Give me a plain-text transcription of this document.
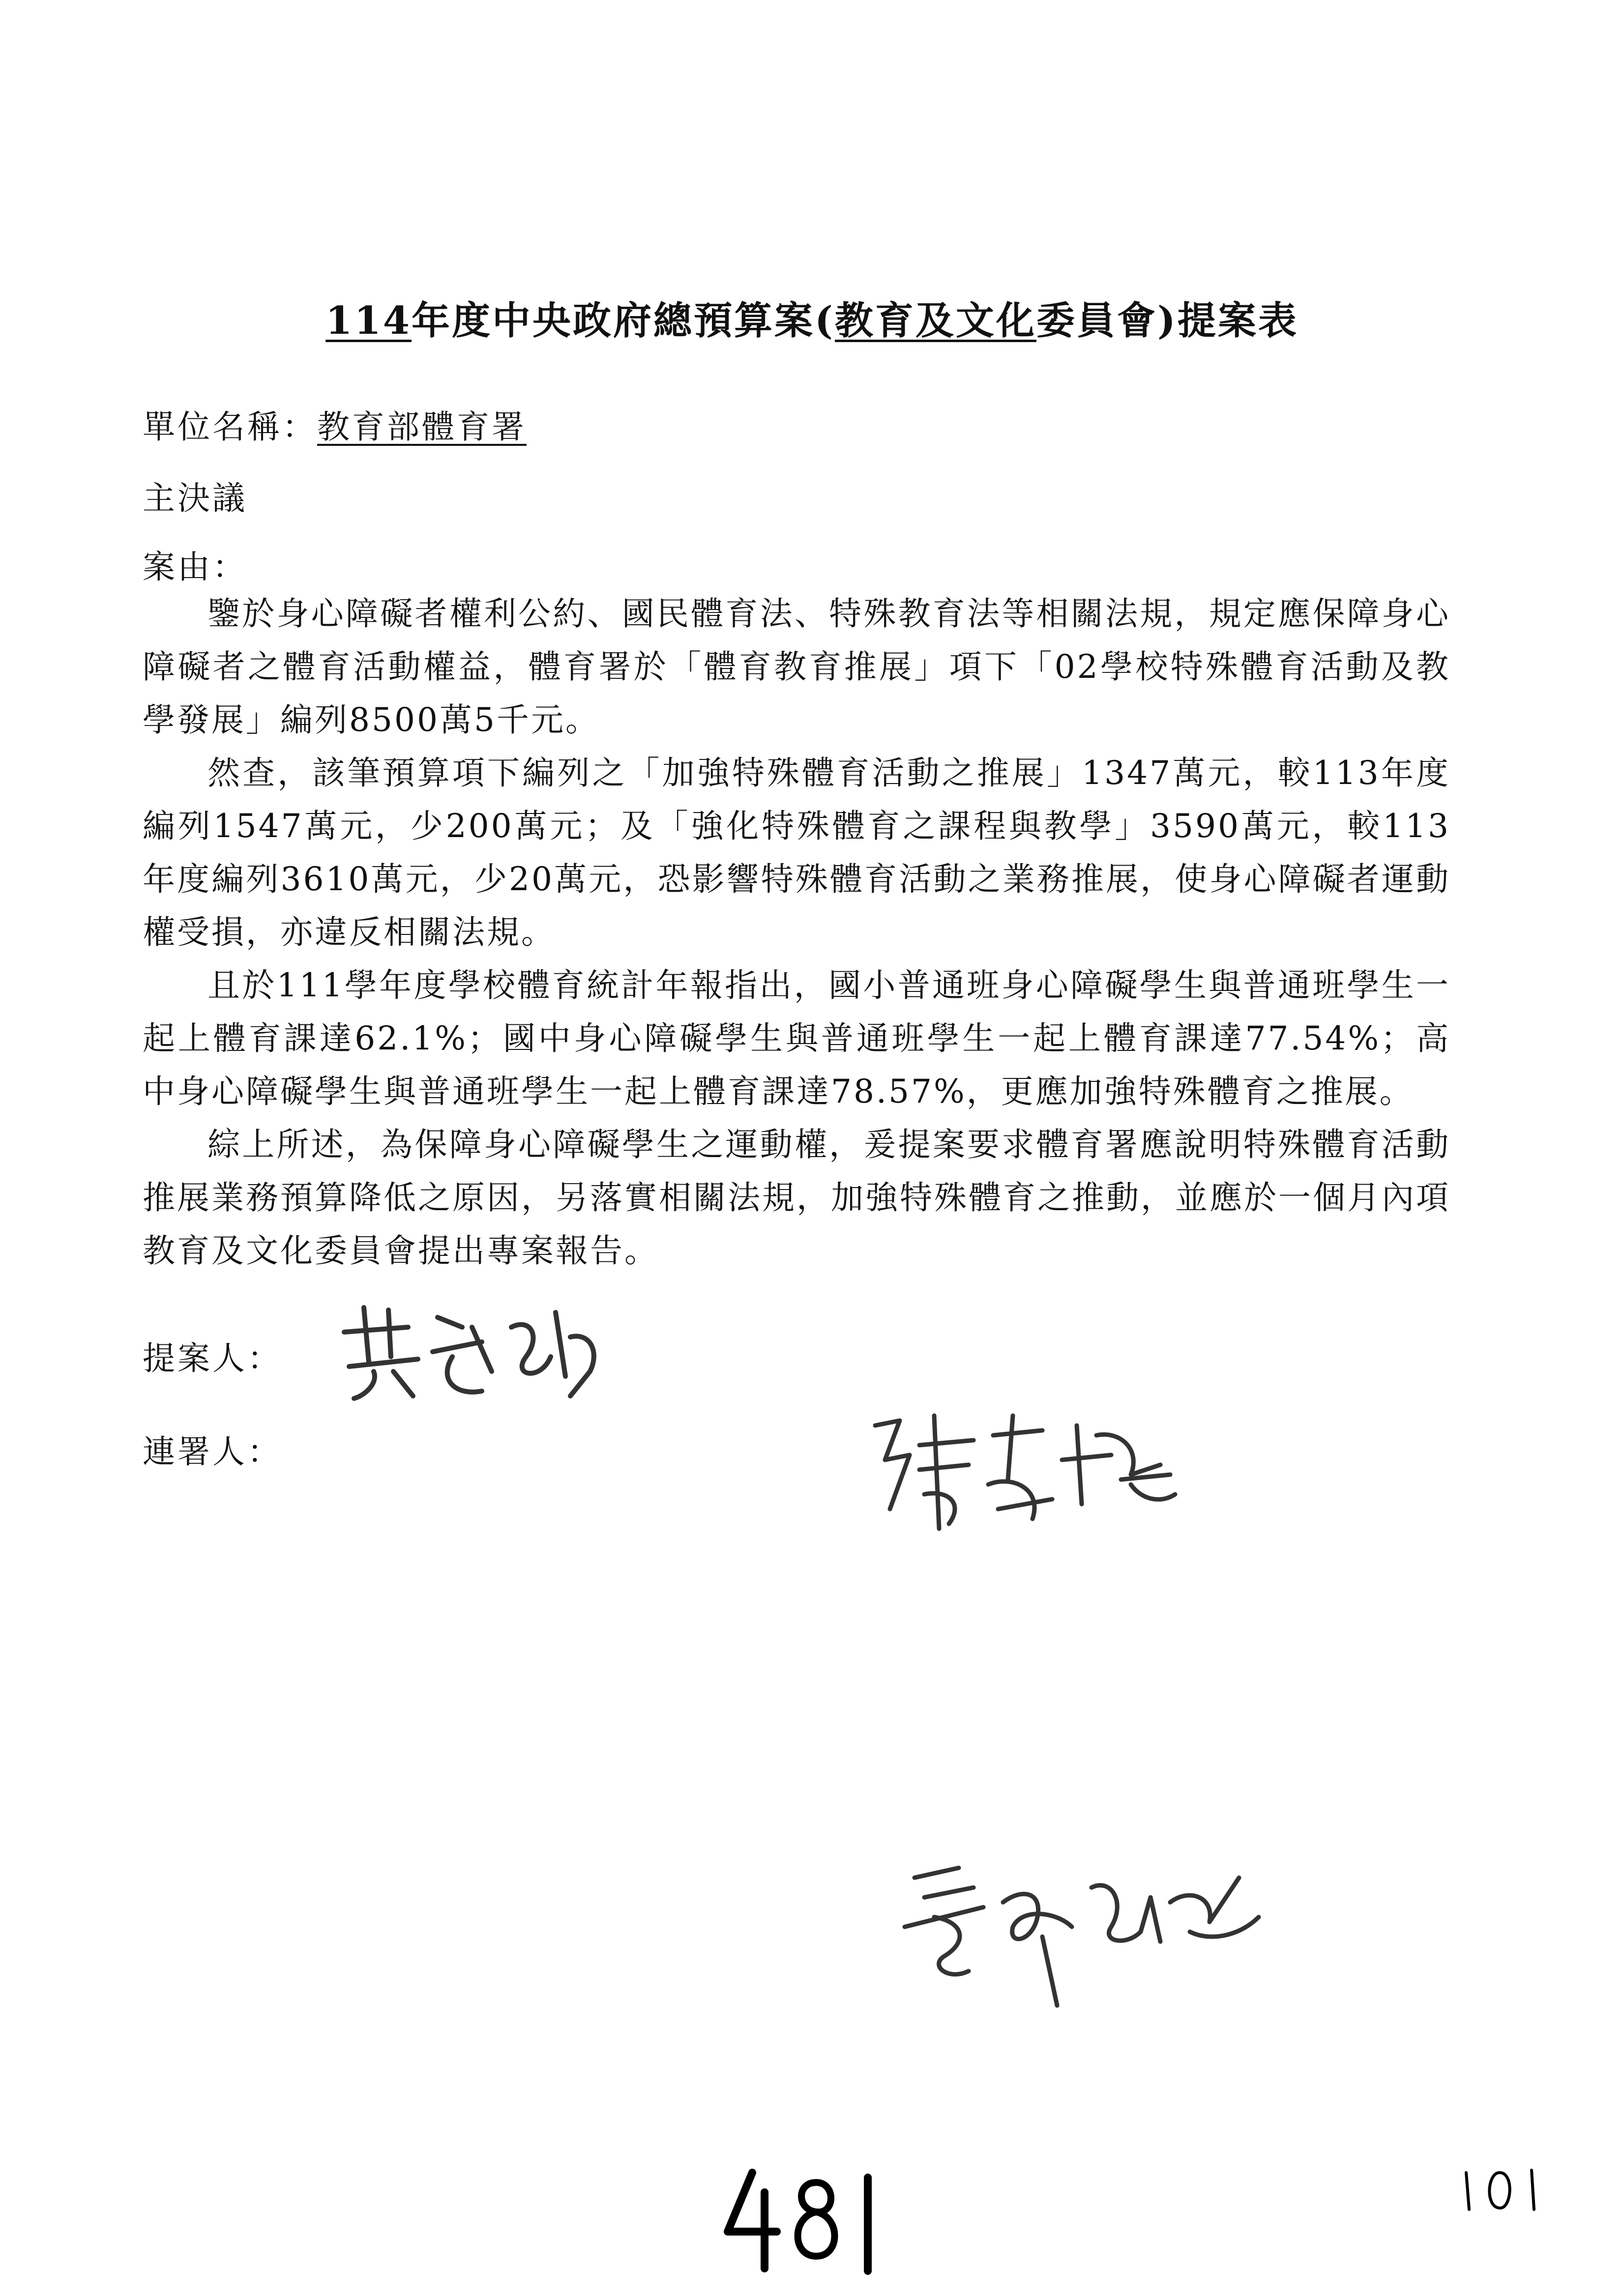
114年度中央政府總預算案(教育及文化委員會)提案表
單位名稱：教育部體育署
主決議
案由：

鑒於身心障礙者權利公約、國民體育法、特殊教育法等相關法規，規定應保障身心障礙者之體育活動權益，體育署於「體育教育推展」項下「02學校特殊體育活動及教學發展」編列8500萬5千元。

然查，該筆預算項下編列之「加強特殊體育活動之推展」1347萬元，較113年度編列1547萬元，少200萬元；及「強化特殊體育之課程與教學」3590萬元，較113年度編列3610萬元，少20萬元，恐影響特殊體育活動之業務推展，使身心障礙者運動權受損，亦違反相關法規。

且於111學年度學校體育統計年報指出，國小普通班身心障礙學生與普通班學生一起上體育課達62.1%；國中身心障礙學生與普通班學生一起上體育課達77.54%；高中身心障礙學生與普通班學生一起上體育課達78.57%，更應加強特殊體育之推展。

綜上所述，為保障身心障礙學生之運動權，爰提案要求體育署應說明特殊體育活動推展業務預算降低之原因，另落實相關法規，加強特殊體育之推動，並應於一個月內項教育及文化委員會提出專案報告。

提案人：
連署人：
